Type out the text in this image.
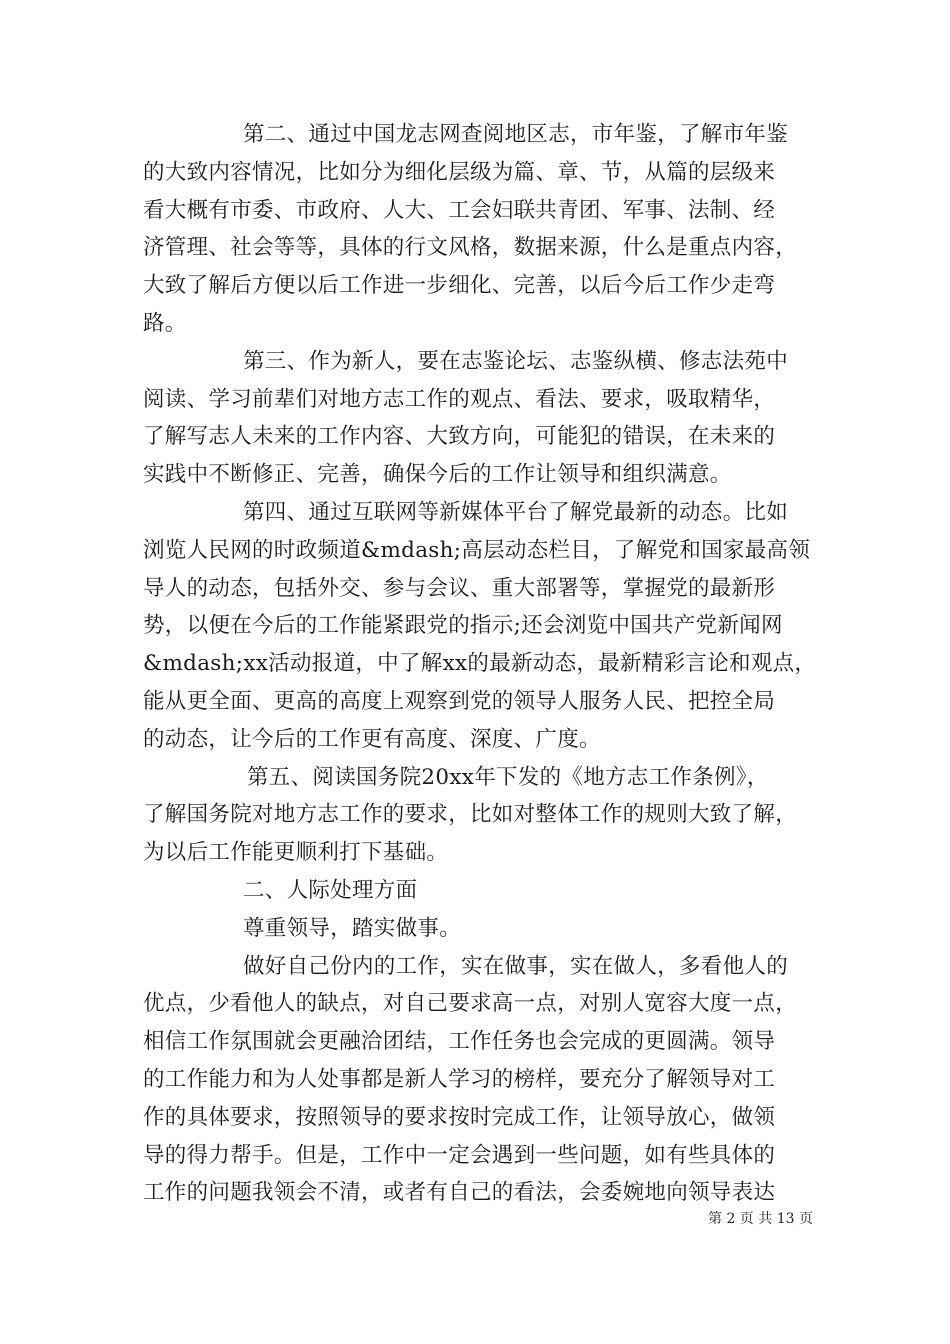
第二、通过中国龙志网查阅地区志，市年鉴，了解市年鉴
的大致内容情况，比如分为细化层级为篇、章、节，从篇的层级来
看大概有市委、市政府、人大、工会妇联共青团、军事、法制、经
济管理、社会等等，具体的行文风格，数据来源，什么是重点内容，
大致了解后方便以后工作进一步细化、完善，以后今后工作少走弯
路。
第三、作为新人，要在志鉴论坛、志鉴纵横、修志法苑中
阅读、学习前辈们对地方志工作的观点、看法、要求，吸取精华，
了解写志人未来的工作内容、大致方向，可能犯的错误，在未来的
实践中不断修正、完善，确保今后的工作让领导和组织满意。
第四、通过互联网等新媒体平台了解党最新的动态。比如
浏览人民网的时政频道&mdash;高层动态栏目，了解党和国家最高领
导人的动态，包括外交、参与会议、重大部署等，掌握党的最新形
势，以便在今后的工作能紧跟党的指示;还会浏览中国共产党新闻网
&mdash;xx活动报道，中了解xx的最新动态，最新精彩言论和观点，
能从更全面、更高的高度上观察到党的领导人服务人民、把控全局
的动态，让今后的工作更有高度、深度、广度。
第五、阅读国务院20xx年下发的《地方志工作条例》，
了解国务院对地方志工作的要求，比如对整体工作的规则大致了解，
为以后工作能更顺利打下基础。
二、人际处理方面
尊重领导，踏实做事。
做好自己份内的工作，实在做事，实在做人，多看他人的
优点，少看他人的缺点，对自己要求高一点，对别人宽容大度一点，
相信工作氛围就会更融洽团结，工作任务也会完成的更圆满。领导
的工作能力和为人处事都是新人学习的榜样，要充分了解领导对工
作的具体要求，按照领导的要求按时完成工作，让领导放心，做领
导的得力帮手。但是，工作中一定会遇到一些问题，如有些具体的
工作的问题我领会不清，或者有自己的看法，会委婉地向领导表达
第 2 页 共 13 页
